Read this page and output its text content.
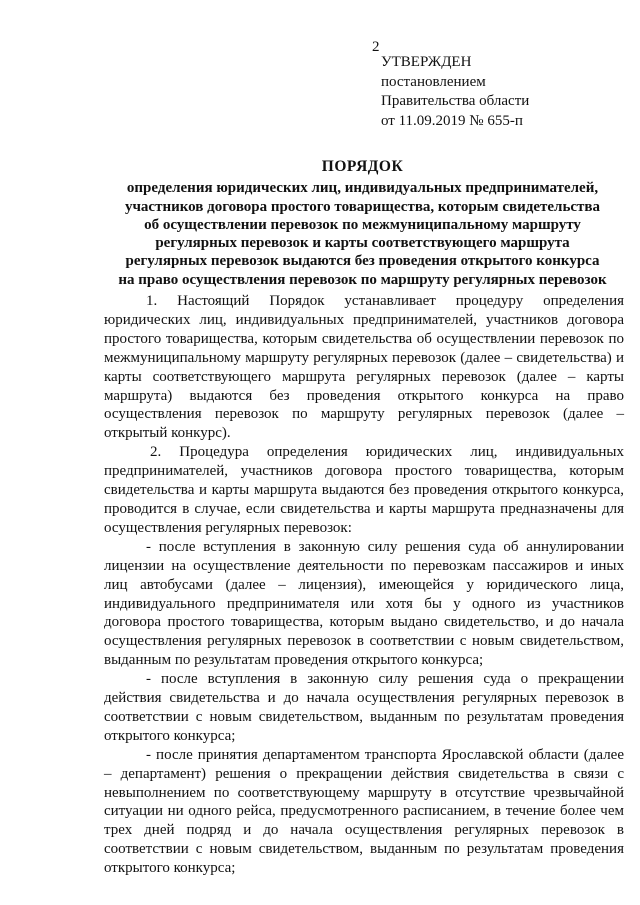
2
УТВЕРЖДЕН
постановлением
Правительства области
от 11.09.2019 № 655-п
ПОРЯДОК
определения юридических лиц, индивидуальных предпринимателей,
участников договора простого товарищества, которым свидетельства
об осуществлении перевозок по межмуниципальному маршруту
регулярных перевозок и карты соответствующего маршрута
регулярных перевозок выдаются без проведения открытого конкурса
на право осуществления перевозок по маршруту регулярных перевозок

1. Настоящий Порядок устанавливает процедуру определения юридических лиц, индивидуальных предпринимателей, участников договора простого товарищества, которым свидетельства об осуществлении перевозок по межмуниципальному маршруту регулярных перевозок (далее – свидетельства) и карты соответствующего маршрута регулярных перевозок (далее – карты маршрута) выдаются без проведения открытого конкурса на право осуществления перевозок по маршруту регулярных перевозок (далее – открытый конкурс).

2. Процедура определения юридических лиц, индивидуальных предпринимателей, участников договора простого товарищества, которым свидетельства и карты маршрута выдаются без проведения открытого конкурса, проводится в случае, если свидетельства и карты маршрута предназначены для осуществления регулярных перевозок:

- после вступления в законную силу решения суда об аннулировании лицензии на осуществление деятельности по перевозкам пассажиров и иных лиц автобусами (далее – лицензия), имеющейся у юридического лица, индивидуального предпринимателя или хотя бы у одного из участников договора простого товарищества, которым выдано свидетельство, и до начала осуществления регулярных перевозок в соответствии с новым свидетельством, выданным по результатам проведения открытого конкурса;

- после вступления в законную силу решения суда о прекращении действия свидетельства и до начала осуществления регулярных перевозок в соответствии с новым свидетельством, выданным по результатам проведения открытого конкурса;

- после принятия департаментом транспорта Ярославской области (далее – департамент) решения о прекращении действия свидетельства в связи с невыполнением по соответствующему маршруту в отсутствие чрезвычайной ситуации ни одного рейса, предусмотренного расписанием, в течение более чем трех дней подряд и до начала осуществления регулярных перевозок в соответствии с новым свидетельством, выданным по результатам проведения открытого конкурса;
